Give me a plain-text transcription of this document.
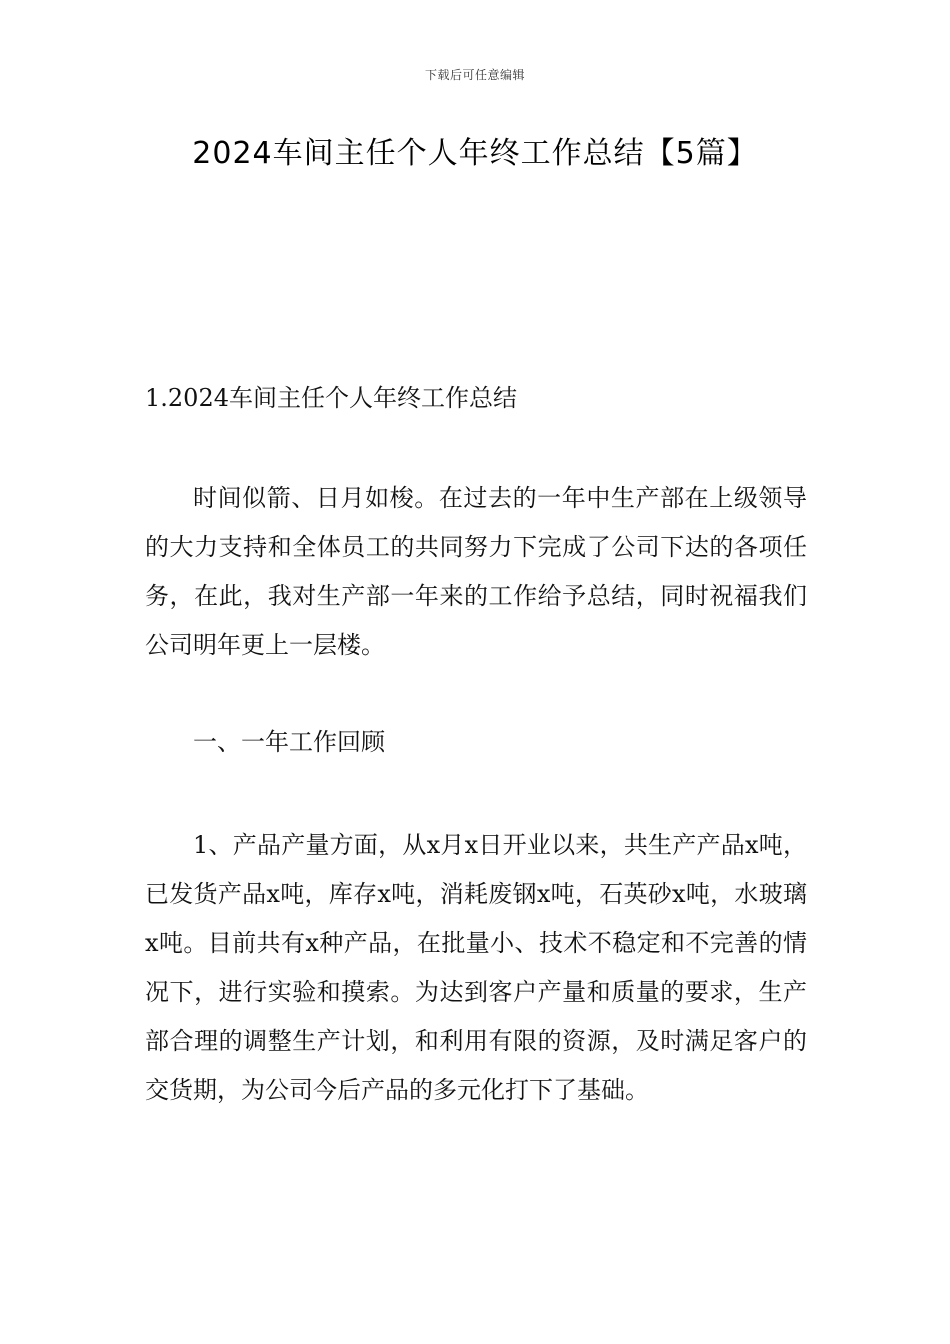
下载后可任意编辑
2024车间主任个人年终工作总结【5篇】

1.2024车间主任个人年终工作总结

时间似箭、日月如梭。在过去的一年中生产部在上级领导的大力支持和全体员工的共同努力下完成了公司下达的各项任务，在此，我对生产部一年来的工作给予总结，同时祝福我们公司明年更上一层楼。

一、一年工作回顾

1、产品产量方面，从x月x日开业以来，共生产产品x吨，已发货产品x吨，库存x吨，消耗废钢x吨，石英砂x吨，水玻璃x吨。目前共有x种产品，在批量小、技术不稳定和不完善的情况下，进行实验和摸索。为达到客户产量和质量的要求，生产部合理的调整生产计划，和利用有限的资源，及时满足客户的交货期，为公司今后产品的多元化打下了基础。
